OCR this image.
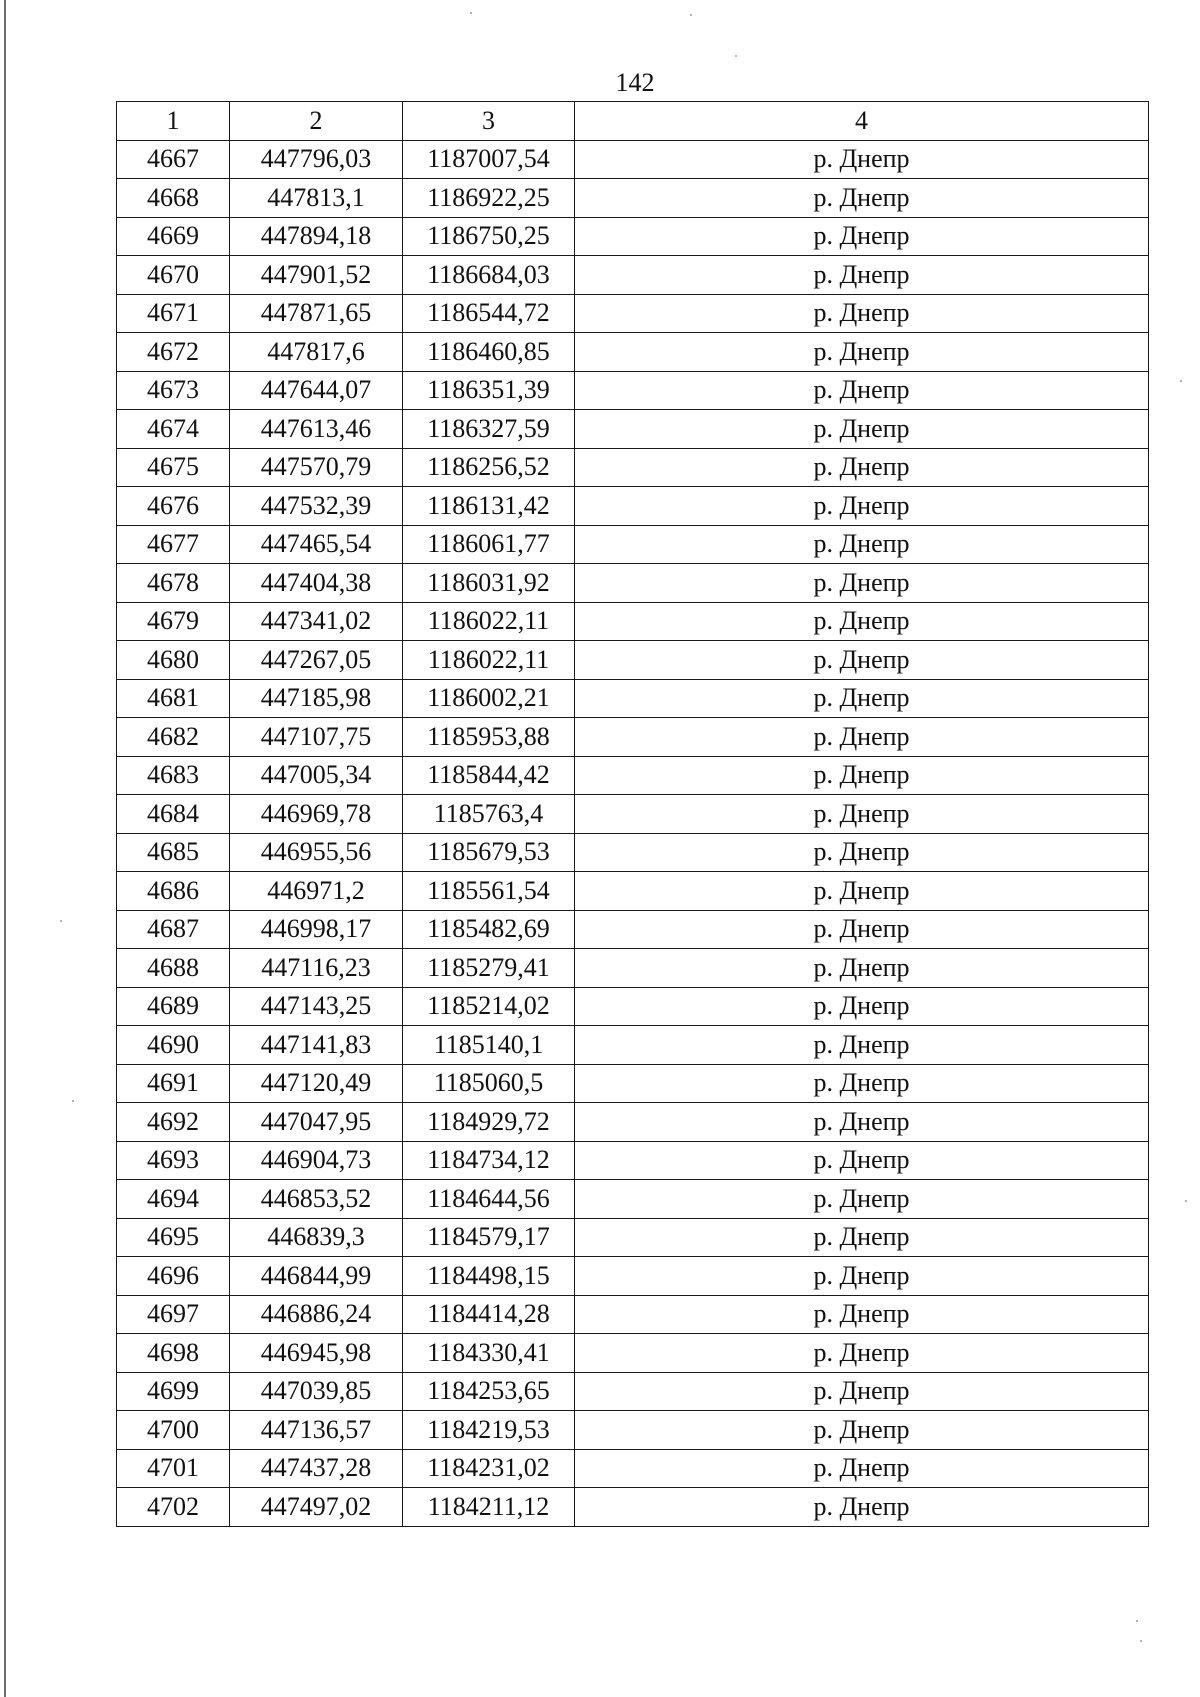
142
1	2	3	4
4667	447796,03	1187007,54	р. Днепр
4668	447813,1	1186922,25	р. Днепр
4669	447894,18	1186750,25	р. Днепр
4670	447901,52	1186684,03	р. Днепр
4671	447871,65	1186544,72	р. Днепр
4672	447817,6	1186460,85	р. Днепр
4673	447644,07	1186351,39	р. Днепр
4674	447613,46	1186327,59	р. Днепр
4675	447570,79	1186256,52	р. Днепр
4676	447532,39	1186131,42	р. Днепр
4677	447465,54	1186061,77	р. Днепр
4678	447404,38	1186031,92	р. Днепр
4679	447341,02	1186022,11	р. Днепр
4680	447267,05	1186022,11	р. Днепр
4681	447185,98	1186002,21	р. Днепр
4682	447107,75	1185953,88	р. Днепр
4683	447005,34	1185844,42	р. Днепр
4684	446969,78	1185763,4	р. Днепр
4685	446955,56	1185679,53	р. Днепр
4686	446971,2	1185561,54	р. Днепр
4687	446998,17	1185482,69	р. Днепр
4688	447116,23	1185279,41	р. Днепр
4689	447143,25	1185214,02	р. Днепр
4690	447141,83	1185140,1	р. Днепр
4691	447120,49	1185060,5	р. Днепр
4692	447047,95	1184929,72	р. Днепр
4693	446904,73	1184734,12	р. Днепр
4694	446853,52	1184644,56	р. Днепр
4695	446839,3	1184579,17	р. Днепр
4696	446844,99	1184498,15	р. Днепр
4697	446886,24	1184414,28	р. Днепр
4698	446945,98	1184330,41	р. Днепр
4699	447039,85	1184253,65	р. Днепр
4700	447136,57	1184219,53	р. Днепр
4701	447437,28	1184231,02	р. Днепр
4702	447497,02	1184211,12	р. Днепр
